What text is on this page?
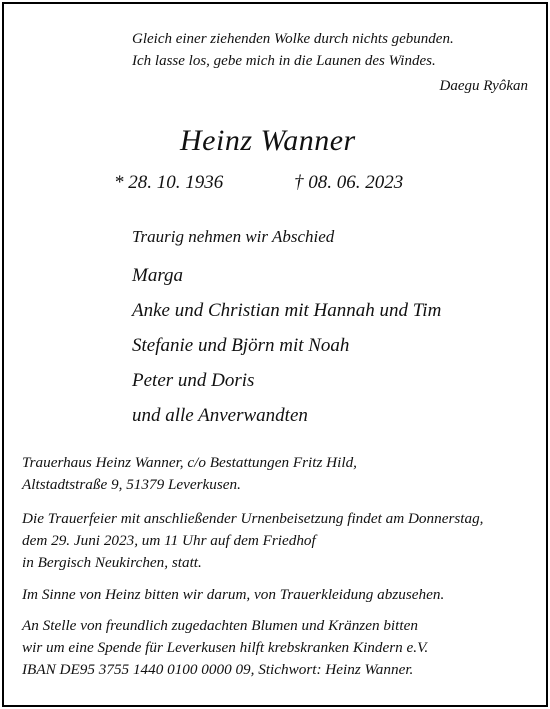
Gleich einer ziehenden Wolke durch nichts gebunden.
Ich lasse los, gebe mich in die Launen des Windes.
Daegu Ryôkan
Heinz Wanner
* 28. 10. 1936	† 08. 06. 2023
Traurig nehmen wir Abschied
Marga
Anke und Christian mit Hannah und Tim
Stefanie und Björn mit Noah
Peter und Doris
und alle Anverwandten
Trauerhaus Heinz Wanner, c/o Bestattungen Fritz Hild,
Altstadtstraße 9, 51379 Leverkusen.
Die Trauerfeier mit anschließender Urnenbeisetzung findet am Donnerstag,
dem 29. Juni 2023, um 11 Uhr auf dem Friedhof
in Bergisch Neukirchen, statt.
Im Sinne von Heinz bitten wir darum, von Trauerkleidung abzusehen.
An Stelle von freundlich zugedachten Blumen und Kränzen bitten
wir um eine Spende für Leverkusen hilft krebskranken Kindern e.V.
IBAN DE95 3755 1440 0100 0000 09, Stichwort: Heinz Wanner.
